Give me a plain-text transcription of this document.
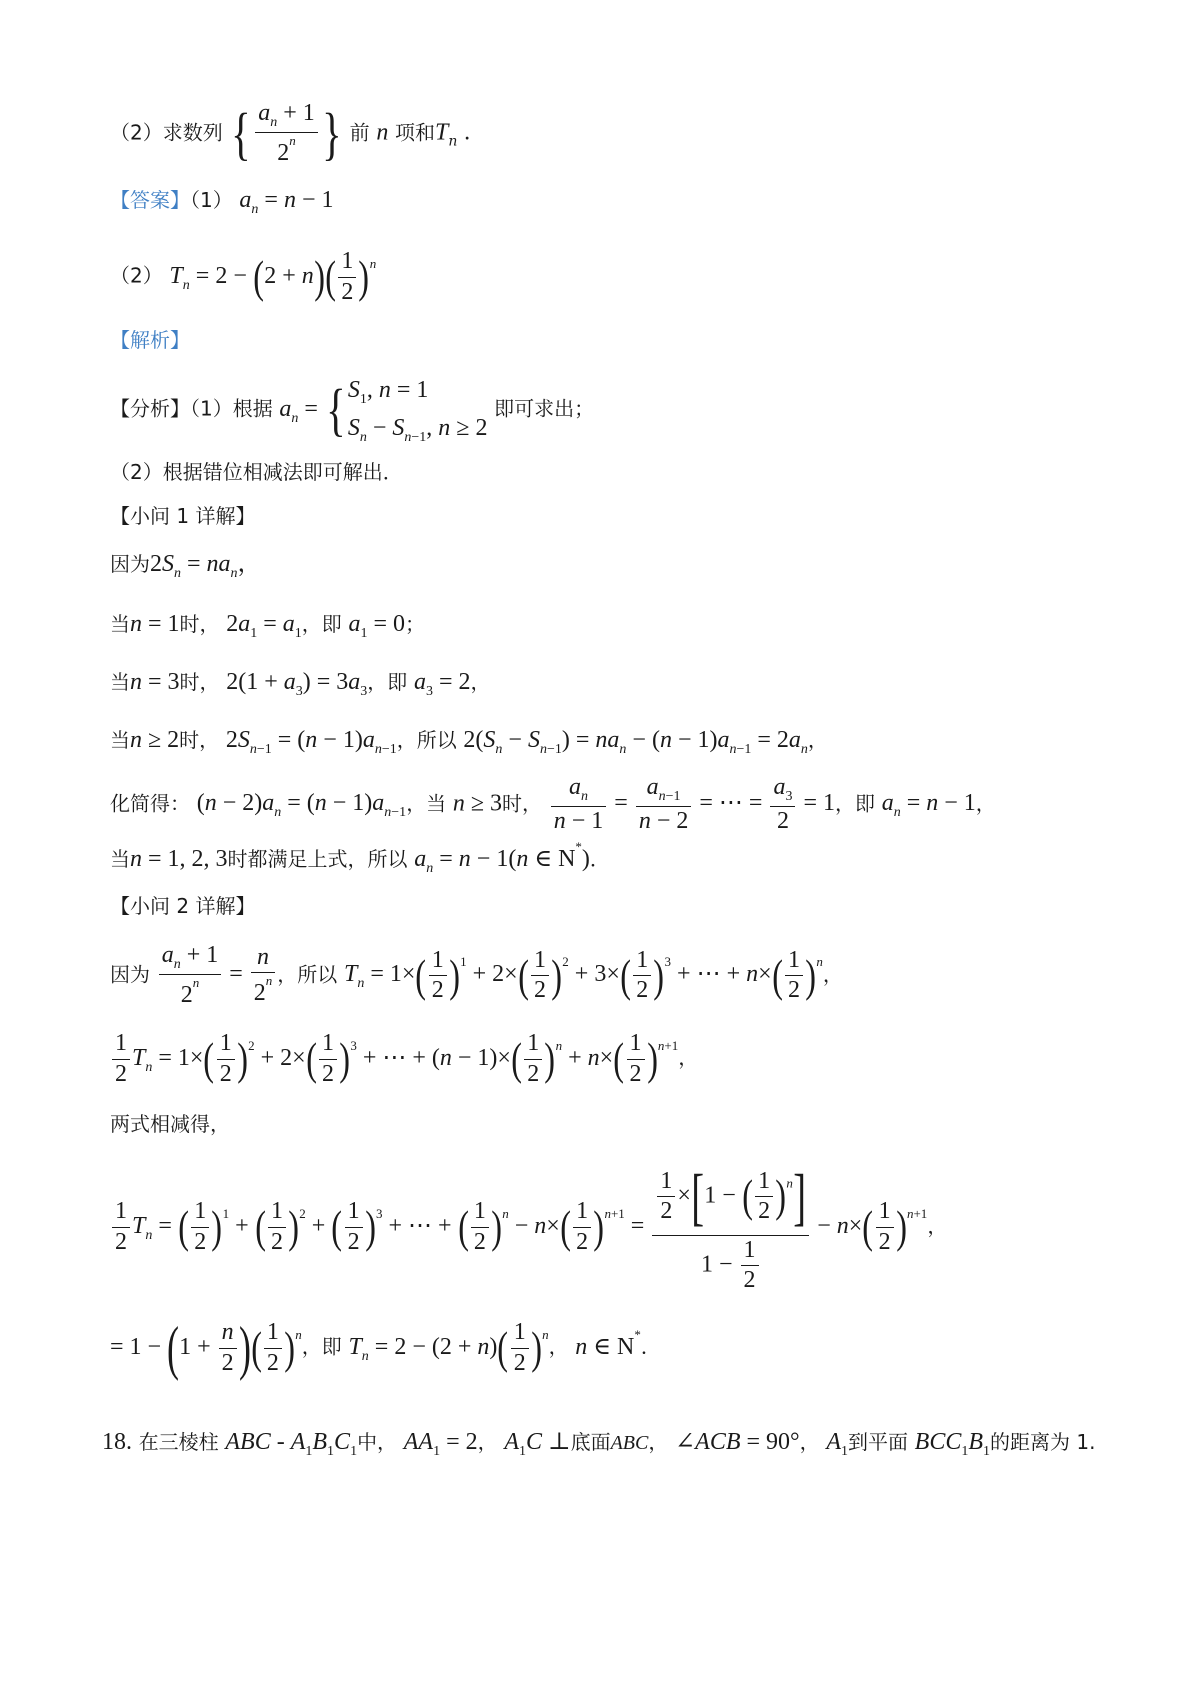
（2）求数列 { $\frac{a_n + 1}{2^n}$ } 前 n 项和$T_n$ .
【答案】（1） $a_n = n - 1$
（2） $T_n = 2 - (2 + n)( \frac{1}{2} )^n$
【解析】
【分析】（1）根据 $a_n$ = { $S_1$, n = 1
$S_n - S_{n-1}$, n ≥ 2
即可求出；
（2）根据错位相减法即可解出．
【小问 1 详解】
因为$2S_n = na_n$，
当n = 1时， $2a_1 = a_1$，即 $a_1 = 0$；
当n = 3时， $2(1 + a_3) = 3a_3$，即 $a_3 = 2$，
当n ≥ 2时， $2S_{n-1} = (n - 1)a_{n-1}$，所以 $2(S_n - S_{n-1}) = na_n - (n - 1)a_{n-1} = 2a_n$，
化简得： $(n - 2)a_n = (n - 1)a_{n-1}$，当 n ≥ 3时， $\frac{a_n}{n - 1} = \frac{a_{n-1}}{n - 2}$ = ⋯ = $\frac{a_3}{2} = 1$，即 $a_n = n - 1$，
当n = 1, 2, 3时都满足上式，所以 $a_n = n - 1(n$ ∈ N*)．
【小问 2 详解】
因为 $\frac{a_n + 1}{2^n} = \frac{n}{2^n}$ ，所以 $T_n = 1\times( \frac{1}{2} )^1 + 2\times( \frac{1}{2} )^2 + 3\times( \frac{1}{2} )^3$ + ⋯ + $n\times( \frac{1}{2} )^n$，
$\frac{1}{2} T_n = 1\times( \frac{1}{2} )^2 + 2\times( \frac{1}{2} )^3$ + ⋯ + $(n - 1)\times( \frac{1}{2} )^n + n\times( \frac{1}{2} )^{n+1}$，
两式相减得，
$\frac{1}{2} T_n$ = ( $\frac{1}{2} )^1$ + ( $\frac{1}{2} )^2$ + ( $\frac{1}{2} )^3$ + ⋯ + ( $\frac{1}{2} )^n - n\times( \frac{1}{2} )^{n+1} = \frac{\frac{1}{2} \times[1 - ( \frac{1}{2} )^n]}{1 - \frac{1}{2}} - n\times( \frac{1}{2} )^{n+1}$，
= $1 - (1 + \frac{n}{2}$ )( $\frac{1}{2} )^n$，即 $T_n = 2 - (2 + n)( \frac{1}{2} )^n$， n ∈ N*．
18. 在三棱柱 ABC - $A_1B_1C_1$中， $AA_1 = 2$， $A_1C$ ⊥底面ABC， ∠ACB = 90°， $A_1$到平面 $BCC_1B_1$的距离为 1.
